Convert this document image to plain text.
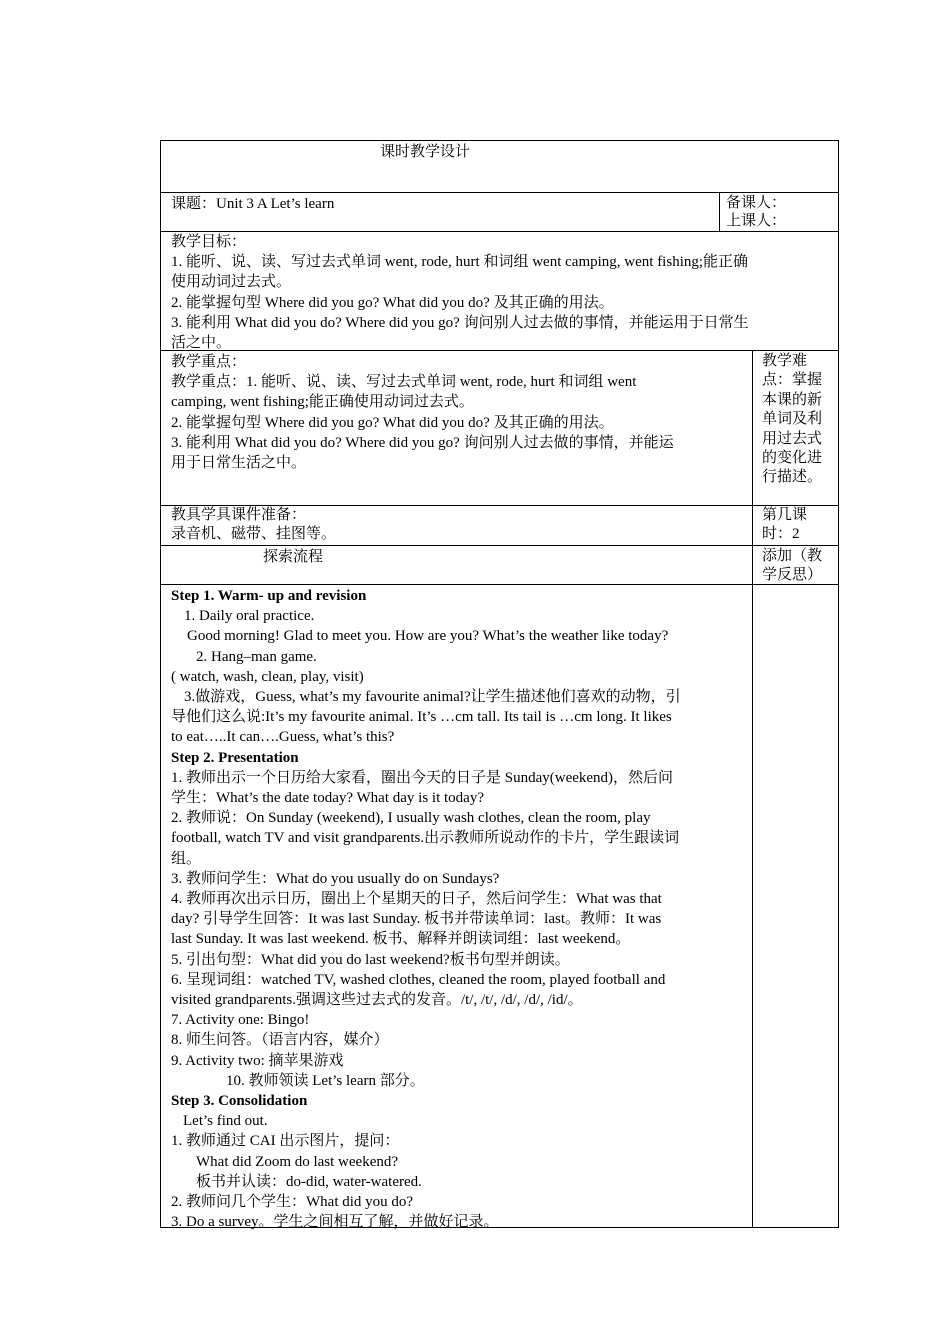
课时教学设计
课题：Unit 3 A Let’s learn	备课人：
上课人：
教学目标：
1. 能听、说、读、写过去式单词 went, rode, hurt 和词组 went camping, went fishing;能正确
使用动词过去式。
2. 能掌握句型 Where did you go? What did you do? 及其正确的用法。
3. 能利用 What did you do? Where did you go? 询问别人过去做的事情，并能运用于日常生
活之中。
教学重点：
教学重点：1. 能听、说、读、写过去式单词 went, rode, hurt 和词组 went
camping, went fishing;能正确使用动词过去式。
2. 能掌握句型 Where did you go? What did you do? 及其正确的用法。
3. 能利用 What did you do? Where did you go? 询问别人过去做的事情，并能运
用于日常生活之中。
教学难
点：掌握
本课的新
单词及利
用过去式
的变化进
行描述。
教具学具课件准备：
录音机、磁带、挂图等。
第几课
时：2
探索流程	添加（教
学反思）
Step 1. Warm- up and revision
1. Daily oral practice.
Good morning! Glad to meet you. How are you? What’s the weather like today?
2. Hang–man game.
( watch, wash, clean, play, visit)
3.做游戏，Guess, what’s my favourite animal?让学生描述他们喜欢的动物，引
导他们这么说:It’s my favourite animal. It’s …cm tall. Its tail is …cm long. It likes
to eat…..It can….Guess, what’s this?
Step 2. Presentation
1. 教师出示一个日历给大家看，圈出今天的日子是 Sunday(weekend)，然后问
学生：What’s the date today? What day is it today?
2. 教师说：On Sunday (weekend), I usually wash clothes, clean the room, play
football, watch TV and visit grandparents.出示教师所说动作的卡片，学生跟读词
组。
3. 教师问学生：What do you usually do on Sundays?
4. 教师再次出示日历，圈出上个星期天的日子，然后问学生：What was that
day? 引导学生回答：It was last Sunday. 板书并带读单词：last。教师：It was
last Sunday. It was last weekend. 板书、解释并朗读词组：last weekend。
5. 引出句型：What did you do last weekend?板书句型并朗读。
6. 呈现词组：watched TV, washed clothes, cleaned the room, played football and
visited grandparents.强调这些过去式的发音。/t/, /t/, /d/, /d/, /id/。
7. Activity one: Bingo!
8. 师生问答。（语言内容，媒介）
9. Activity two: 摘苹果游戏
10. 教师领读 Let’s learn 部分。
Step 3. Consolidation
Let’s find out.
1. 教师通过 CAI 出示图片，提问：
What did Zoom do last weekend?
板书并认读：do-did, water-watered.
2. 教师问几个学生：What did you do?
3. Do a survey。学生之间相互了解，并做好记录。
